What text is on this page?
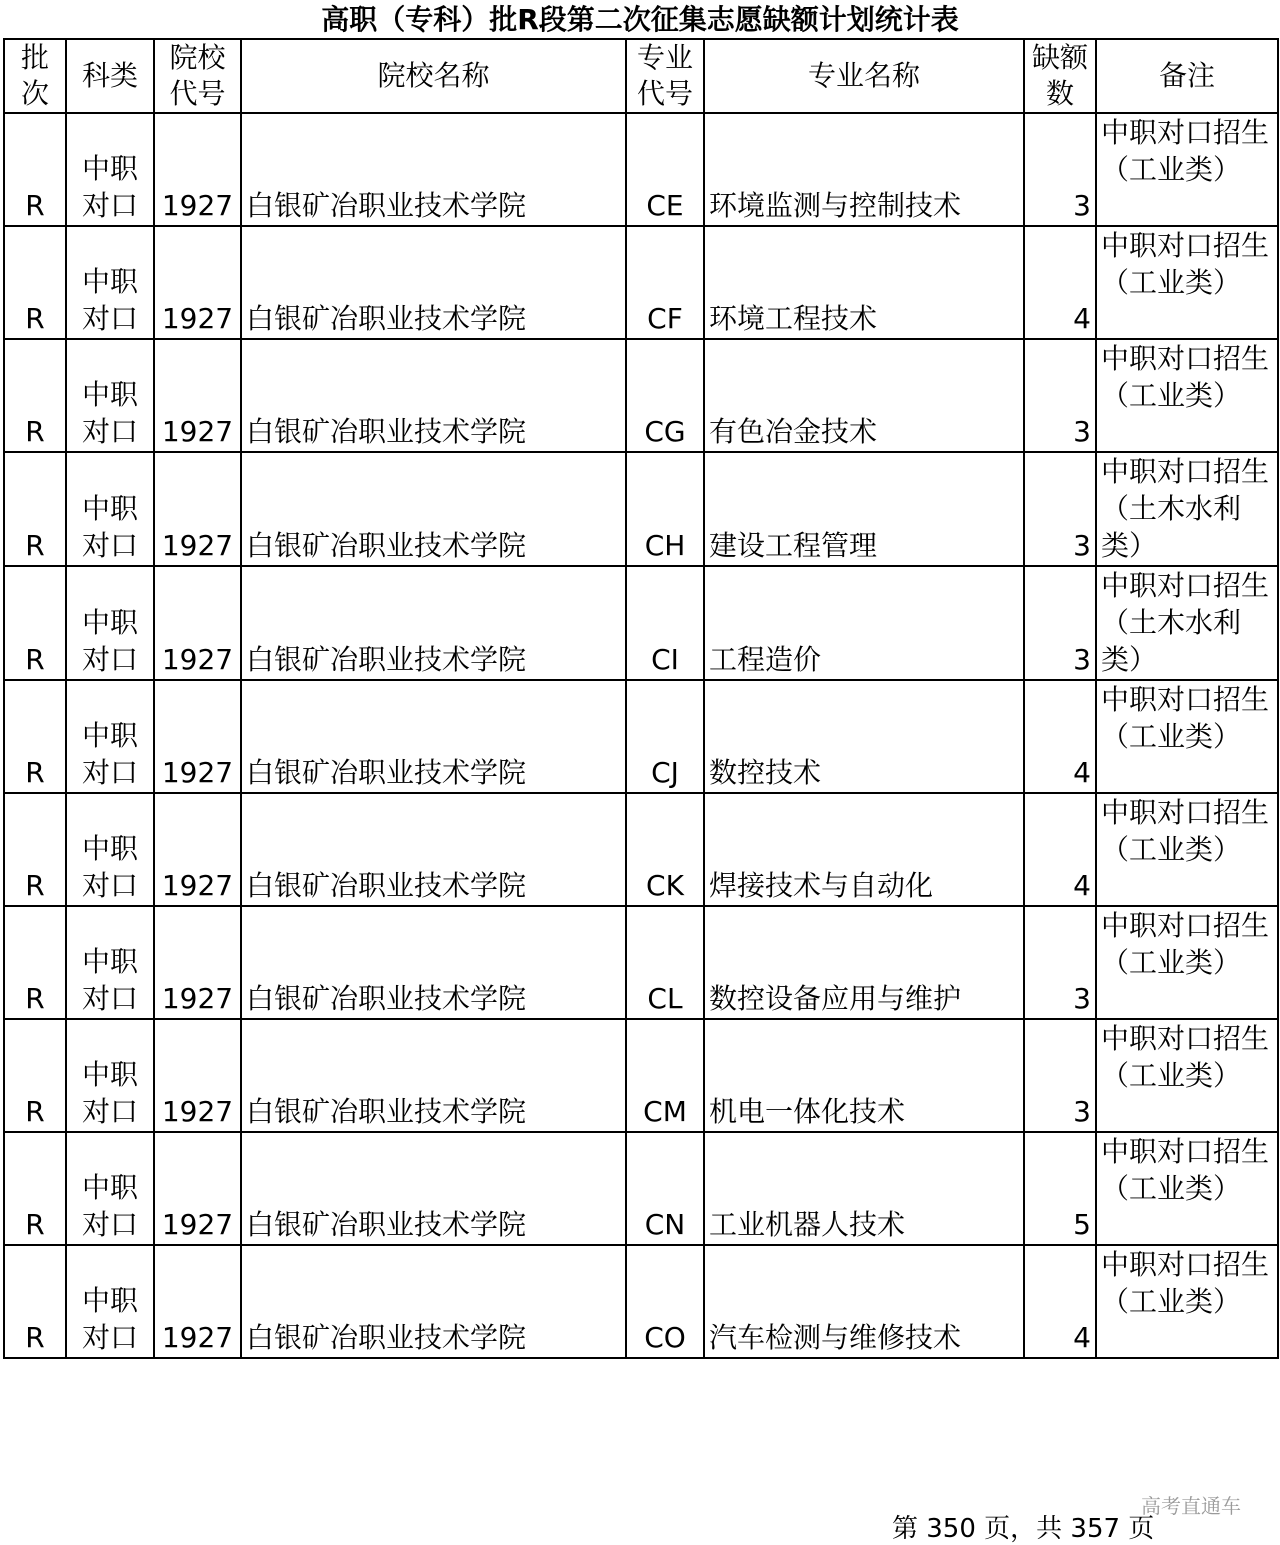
高职（专科）批R段第二次征集志愿缺额计划统计表
批次	科类	院校代号	院校名称	专业代号	专业名称	缺额数	备注
R	中职对口	1927	白银矿冶职业技术学院	CE	环境监测与控制技术	3	中职对口招生（工业类）
R	中职对口	1927	白银矿冶职业技术学院	CF	环境工程技术	4	中职对口招生（工业类）
R	中职对口	1927	白银矿冶职业技术学院	CG	有色冶金技术	3	中职对口招生（工业类）
R	中职对口	1927	白银矿冶职业技术学院	CH	建设工程管理	3	中职对口招生（土木水利类）
R	中职对口	1927	白银矿冶职业技术学院	CI	工程造价	3	中职对口招生（土木水利类）
R	中职对口	1927	白银矿冶职业技术学院	CJ	数控技术	4	中职对口招生（工业类）
R	中职对口	1927	白银矿冶职业技术学院	CK	焊接技术与自动化	4	中职对口招生（工业类）
R	中职对口	1927	白银矿冶职业技术学院	CL	数控设备应用与维护	3	中职对口招生（工业类）
R	中职对口	1927	白银矿冶职业技术学院	CM	机电一体化技术	3	中职对口招生（工业类）
R	中职对口	1927	白银矿冶职业技术学院	CN	工业机器人技术	5	中职对口招生（工业类）
R	中职对口	1927	白银矿冶职业技术学院	CO	汽车检测与维修技术	4	中职对口招生（工业类）
高考直通车
第 350 页，共 357 页
